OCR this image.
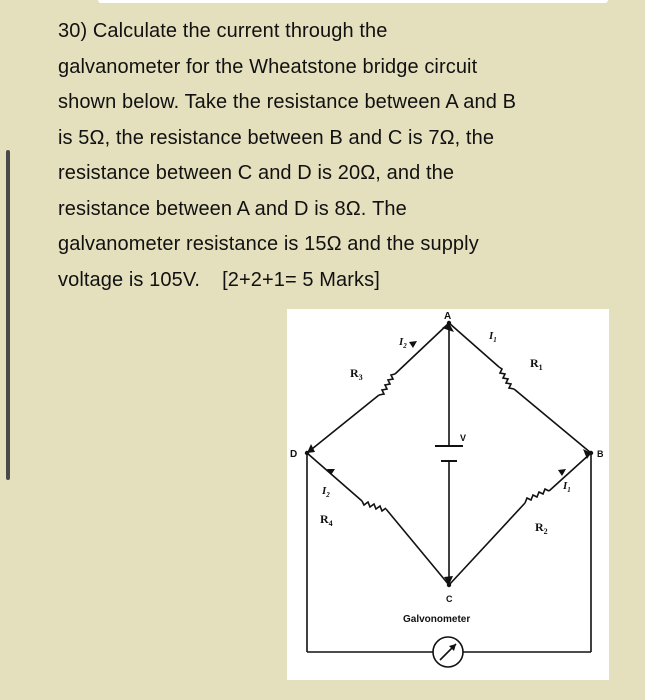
30) Calculate the current through the
galvanometer for the Wheatstone bridge circuit
shown below. Take the resistance between A and B
is 5Ω, the resistance between B and C is 7Ω, the
resistance between C and D is 20Ω, and the
resistance between A and D is 8Ω. The
galvanometer resistance is 15Ω and the supply
voltage is 105V. [2+2+1= 5 Marks]
A
D	B
C
$R_3$
$R_1$
$R_4$	$R_2$
$I_2$
$I_1$
$I_2$
$I_1$
V
Galvonometer
